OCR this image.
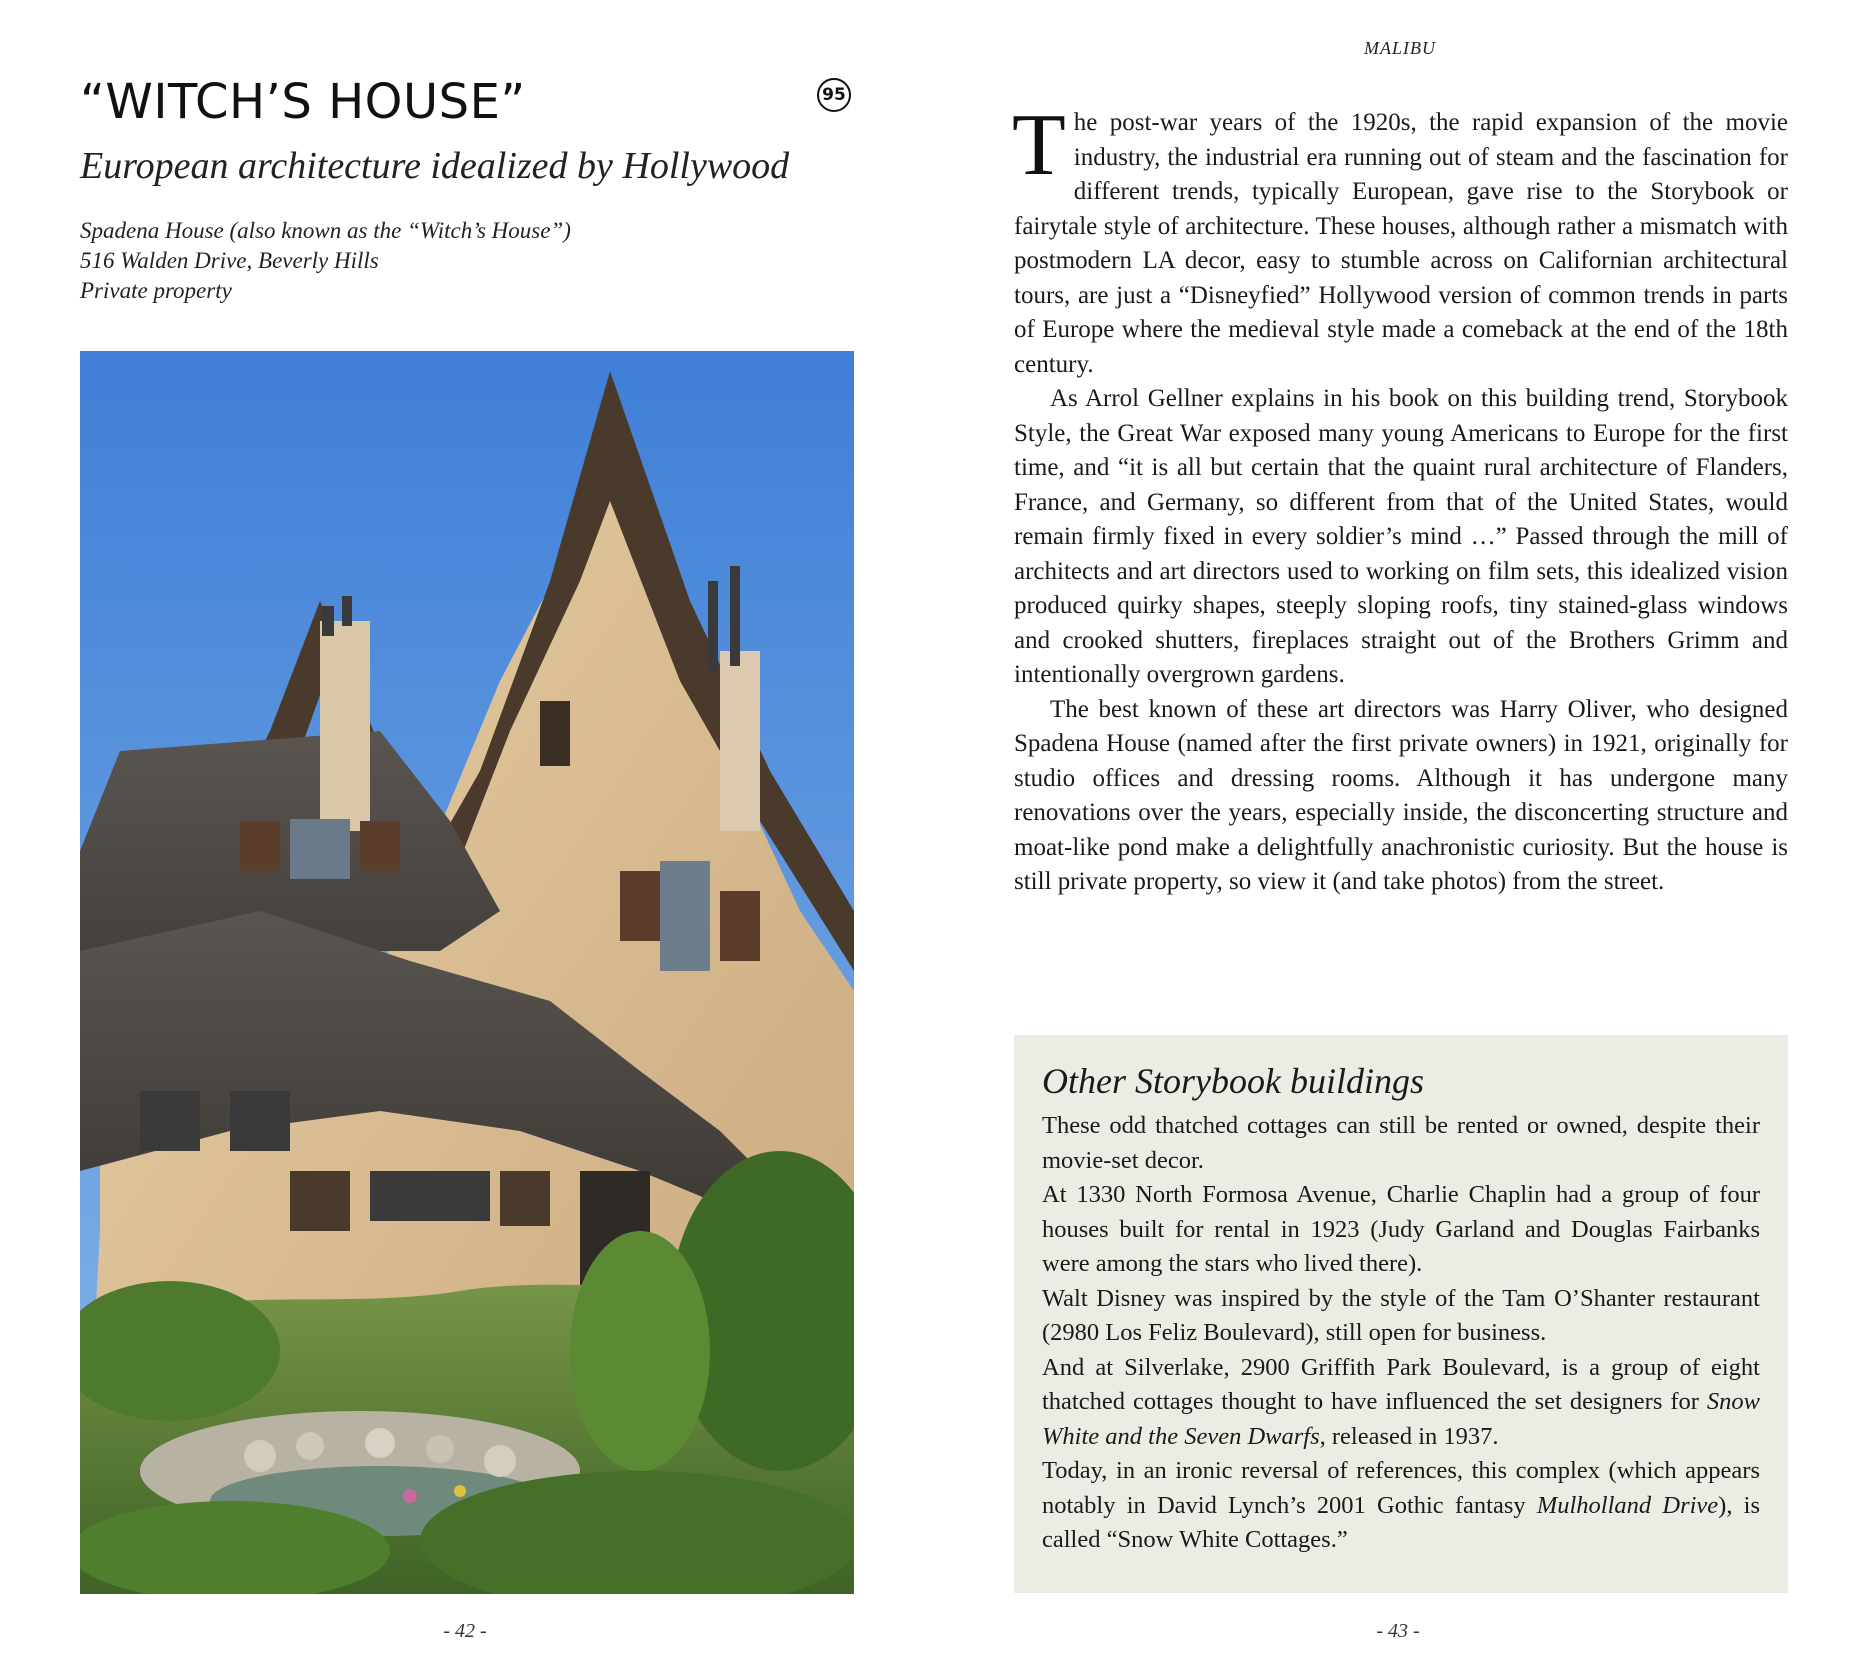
“WITCH’S HOUSE”	95
European architecture idealized by Hollywood
Spadena House (also known as the “Witch’s House”)
516 Walden Drive, Beverly Hills
Private property
- 42 -
MALIBU

The post-war years of the 1920s, the rapid expansion of the movie industry, the industrial era running out of steam and the fascination for different trends, typically European, gave rise to the Storybook or fairytale style of architecture. These houses, although rather a mismatch with postmodern LA decor, easy to stumble across on Californian architectural tours, are just a “Disneyfied” Hollywood version of common trends in parts of Europe where the medieval style made a comeback at the end of the 18th century.

As Arrol Gellner explains in his book on this building trend, Storybook Style, the Great War exposed many young Americans to Europe for the first time, and “it is all but certain that the quaint rural architecture of Flanders, France, and Germany, so different from that of the United States, would remain firmly fixed in every soldier’s mind …” Passed through the mill of architects and art directors used to working on film sets, this idealized vision produced quirky shapes, steeply sloping roofs, tiny stained-glass windows and crooked shutters, fireplaces straight out of the Brothers Grimm and intentionally overgrown gardens.

The best known of these art directors was Harry Oliver, who designed Spadena House (named after the first private owners) in 1921, originally for studio offices and dressing rooms. Although it has undergone many renovations over the years, especially inside, the disconcerting structure and moat-like pond make a delightfully anachronistic curiosity. But the house is still private property, so view it (and take photos) from the street.

Other Storybook buildings

These odd thatched cottages can still be rented or owned, despite their movie-set decor.

At 1330 North Formosa Avenue, Charlie Chaplin had a group of four houses built for rental in 1923 (Judy Garland and Douglas Fairbanks were among the stars who lived there).

Walt Disney was inspired by the style of the Tam O’Shanter restaurant (2980 Los Feliz Boulevard), still open for business.

And at Silverlake, 2900 Griffith Park Boulevard, is a group of eight thatched cottages thought to have influenced the set designers for Snow White and the Seven Dwarfs, released in 1937.

Today, in an ironic reversal of references, this complex (which appears notably in David Lynch’s 2001 Gothic fantasy Mulholland Drive), is called “Snow White Cottages.”

- 43 -
